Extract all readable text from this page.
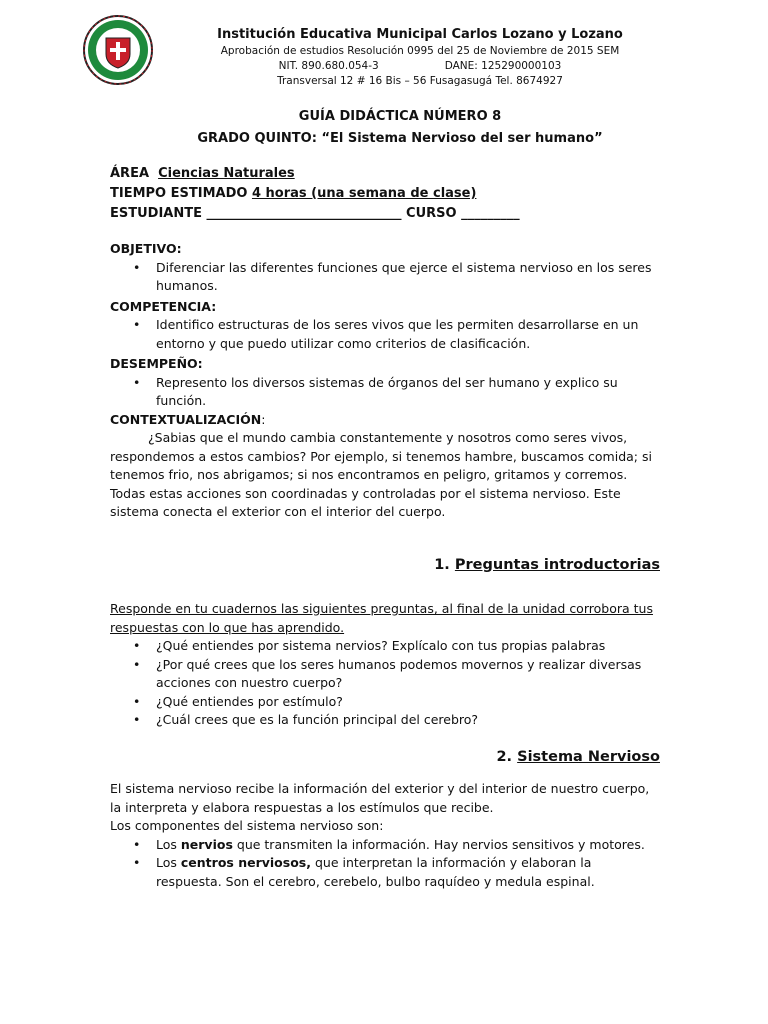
Institución Educativa Municipal Carlos Lozano y Lozano
Aprobación de estudios Resolución 0995 del 25 de Noviembre de 2015 SEM
NIT. 890.680.054-3	DANE: 125290000103
Transversal 12 # 16 Bis – 56 Fusagasugá Tel. 8674927
GUÍA DIDÁCTICA NÚMERO 8
GRADO QUINTO: “El Sistema Nervioso del ser humano”
ÁREA Ciencias Naturales
TIEMPO ESTIMADO 4 horas (una semana de clase)
ESTUDIANTE ______________________________ CURSO _________
OBJETIVO:
• Diferenciar las diferentes funciones que ejerce el sistema nervioso en los seres humanos.
COMPETENCIA:
• Identifico estructuras de los seres vivos que les permiten desarrollarse en un entorno y que puedo utilizar como criterios de clasificación.
DESEMPEÑO:
• Represento los diversos sistemas de órganos del ser humano y explico su función.
CONTEXTUALIZACIÓN:

¿Sabias que el mundo cambia constantemente y nosotros como seres vivos, respondemos a estos cambios? Por ejemplo, si tenemos hambre, buscamos comida; si tenemos frio, nos abrigamos; si nos encontramos en peligro, gritamos y corremos. Todas estas acciones son coordinadas y controladas por el sistema nervioso. Este sistema conecta el exterior con el interior del cuerpo.

1. Preguntas introductorias

Responde en tu cuadernos las siguientes preguntas, al final de la unidad corrobora tus respuestas con lo que has aprendido.

• ¿Qué entiendes por sistema nervios? Explícalo con tus propias palabras
• ¿Por qué crees que los seres humanos podemos movernos y realizar diversas acciones con nuestro cuerpo?
• ¿Qué entiendes por estímulo?
• ¿Cuál crees que es la función principal del cerebro?
2. Sistema Nervioso

El sistema nervioso recibe la información del exterior y del interior de nuestro cuerpo, la interpreta y elabora respuestas a los estímulos que recibe.

Los componentes del sistema nervioso son:

• Los nervios que transmiten la información. Hay nervios sensitivos y motores.
• Los centros nerviosos, que interpretan la información y elaboran la respuesta. Son el cerebro, cerebelo, bulbo raquídeo y medula espinal.
